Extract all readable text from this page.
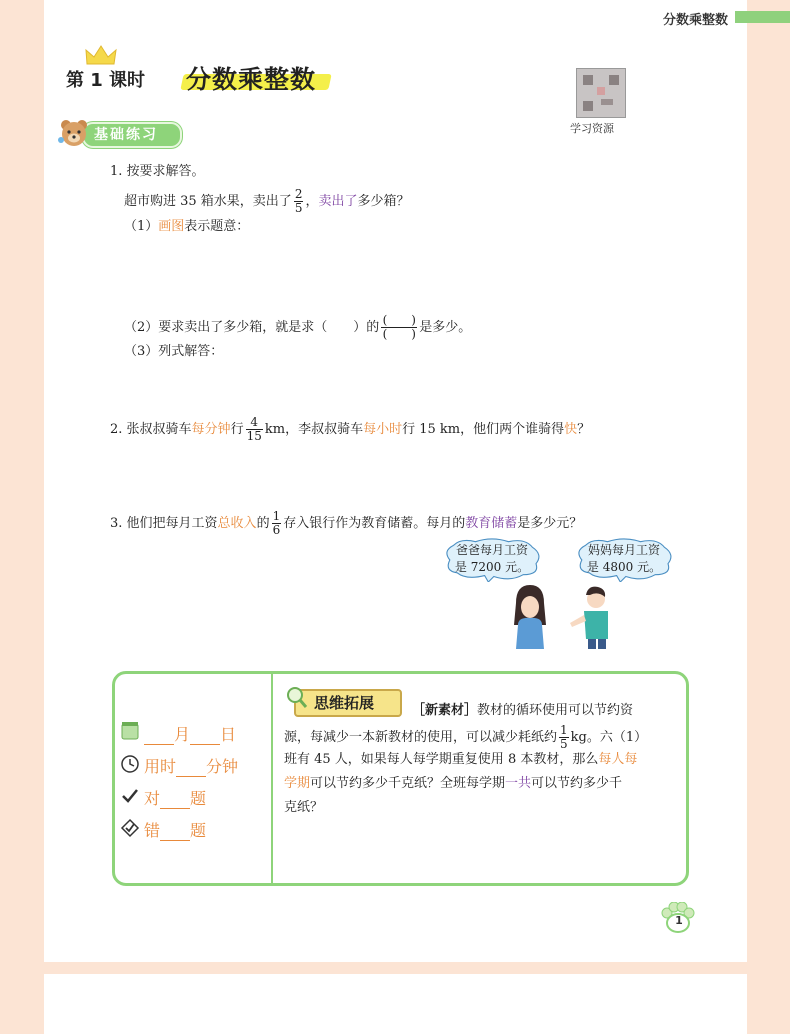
分数乘整数
第 1 课时 分数乘整数
学习资源
基础练习
1. 按要求解答。
超市购进 35 箱水果，卖出了 $\frac{2}{5}$ ，卖出了多少箱？
（1）画图表示题意：
（2）要求卖出了多少箱，就是求（　　）的 $\frac{( )}{( )}$ 是多少。
（3）列式解答：
2. 张叔叔骑车每分钟行 $\frac{4}{15}$ km，李叔叔骑车每小时行 15 km，他们两个谁骑得快？
3. 他们把每月工资总收入的 $\frac{1}{6}$ 存入银行作为教育储蓄。每月的教育储蓄是多少元？
爸爸每月工资是 7200 元。
妈妈每月工资是 4800 元。
月 日
用时 分钟
对 题
错 题
思维拓展	［新素材］教材的循环使用可以节约资
源，每减少一本新教材的使用，可以减少耗纸约 $\frac{1}{5}$ kg。六（1）
班有 45 人，如果每人每学期重复使用 8 本教材，那么每人每
学期可以节约多少千克纸？全班每学期一共可以节约多少千
克纸？
1
